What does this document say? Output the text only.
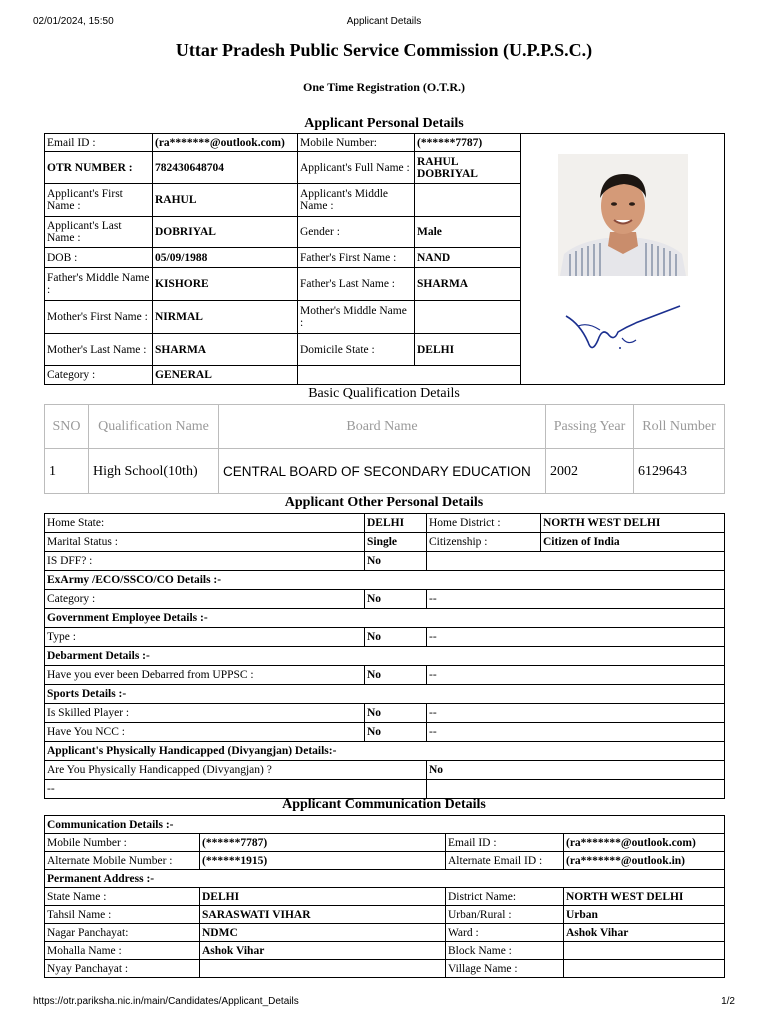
02/01/2024, 15:50	Applicant Details
https://otr.pariksha.nic.in/main/Candidates/Applicant_Details	1/2
Uttar Pradesh Public Service Commission (U.P.P.S.C.)
One Time Registration (O.T.R.)
Applicant Personal Details
Email ID :	(ra*******@outlook.com)	Mobile Number:	(******7787)	

OTR NUMBER :	782430648704	Applicant's Full Name :	RAHUL DOBRIYAL	
Applicant's First Name :	RAHUL	Applicant's Middle Name :		
Applicant's Last Name :	DOBRIYAL	Gender :	Male	
DOB :	05/09/1988	Father's First Name :	NAND	
Father's Middle Name :	KISHORE	Father's Last Name :	SHARMA	
Mother's First Name :	NIRMAL	Mother's Middle Name :		
Mother's Last Name :	SHARMA	Domicile State :	DELHI	
Category :	GENERAL			
Basic Qualification Details
SNO	Qualification Name	Board Name	Passing Year	Roll Number
1	High School(10th)	CENTRAL BOARD OF SECONDARY EDUCATION	2002	6129643
Applicant Other Personal Details
Home State:	DELHI	Home District :	NORTH WEST DELHI
Marital Status :	Single	Citizenship :	Citizen of India
IS DFF? :	No		
ExArmy /ECO/SSCO/CO Details :-			
Category :	No	--	
Government Employee Details :-			
Type :	No	--	
Debarment Details :-			
Have you ever been Debarred from UPPSC :	No	--	
Sports Details :-			
Is Skilled Player :	No	--	
Have You NCC :	No	--	
Applicant's Physically Handicapped (Divyangjan) Details:-			
Are You Physically Handicapped (Divyangjan) ?		No	
--			
Applicant Communication Details
Communication Details :-			
Mobile Number :	(******7787)	Email ID :	(ra*******@outlook.com)
Alternate Mobile Number :	(******1915)	Alternate Email ID :	(ra*******@outlook.in)
Permanent Address :-			
State Name :	DELHI	District Name:	NORTH WEST DELHI
Tahsil Name :	SARASWATI VIHAR	Urban/Rural :	Urban
Nagar Panchayat:	NDMC	Ward :	Ashok Vihar
Mohalla Name :	Ashok Vihar	Block Name :	
Nyay Panchayat :		Village Name :	
